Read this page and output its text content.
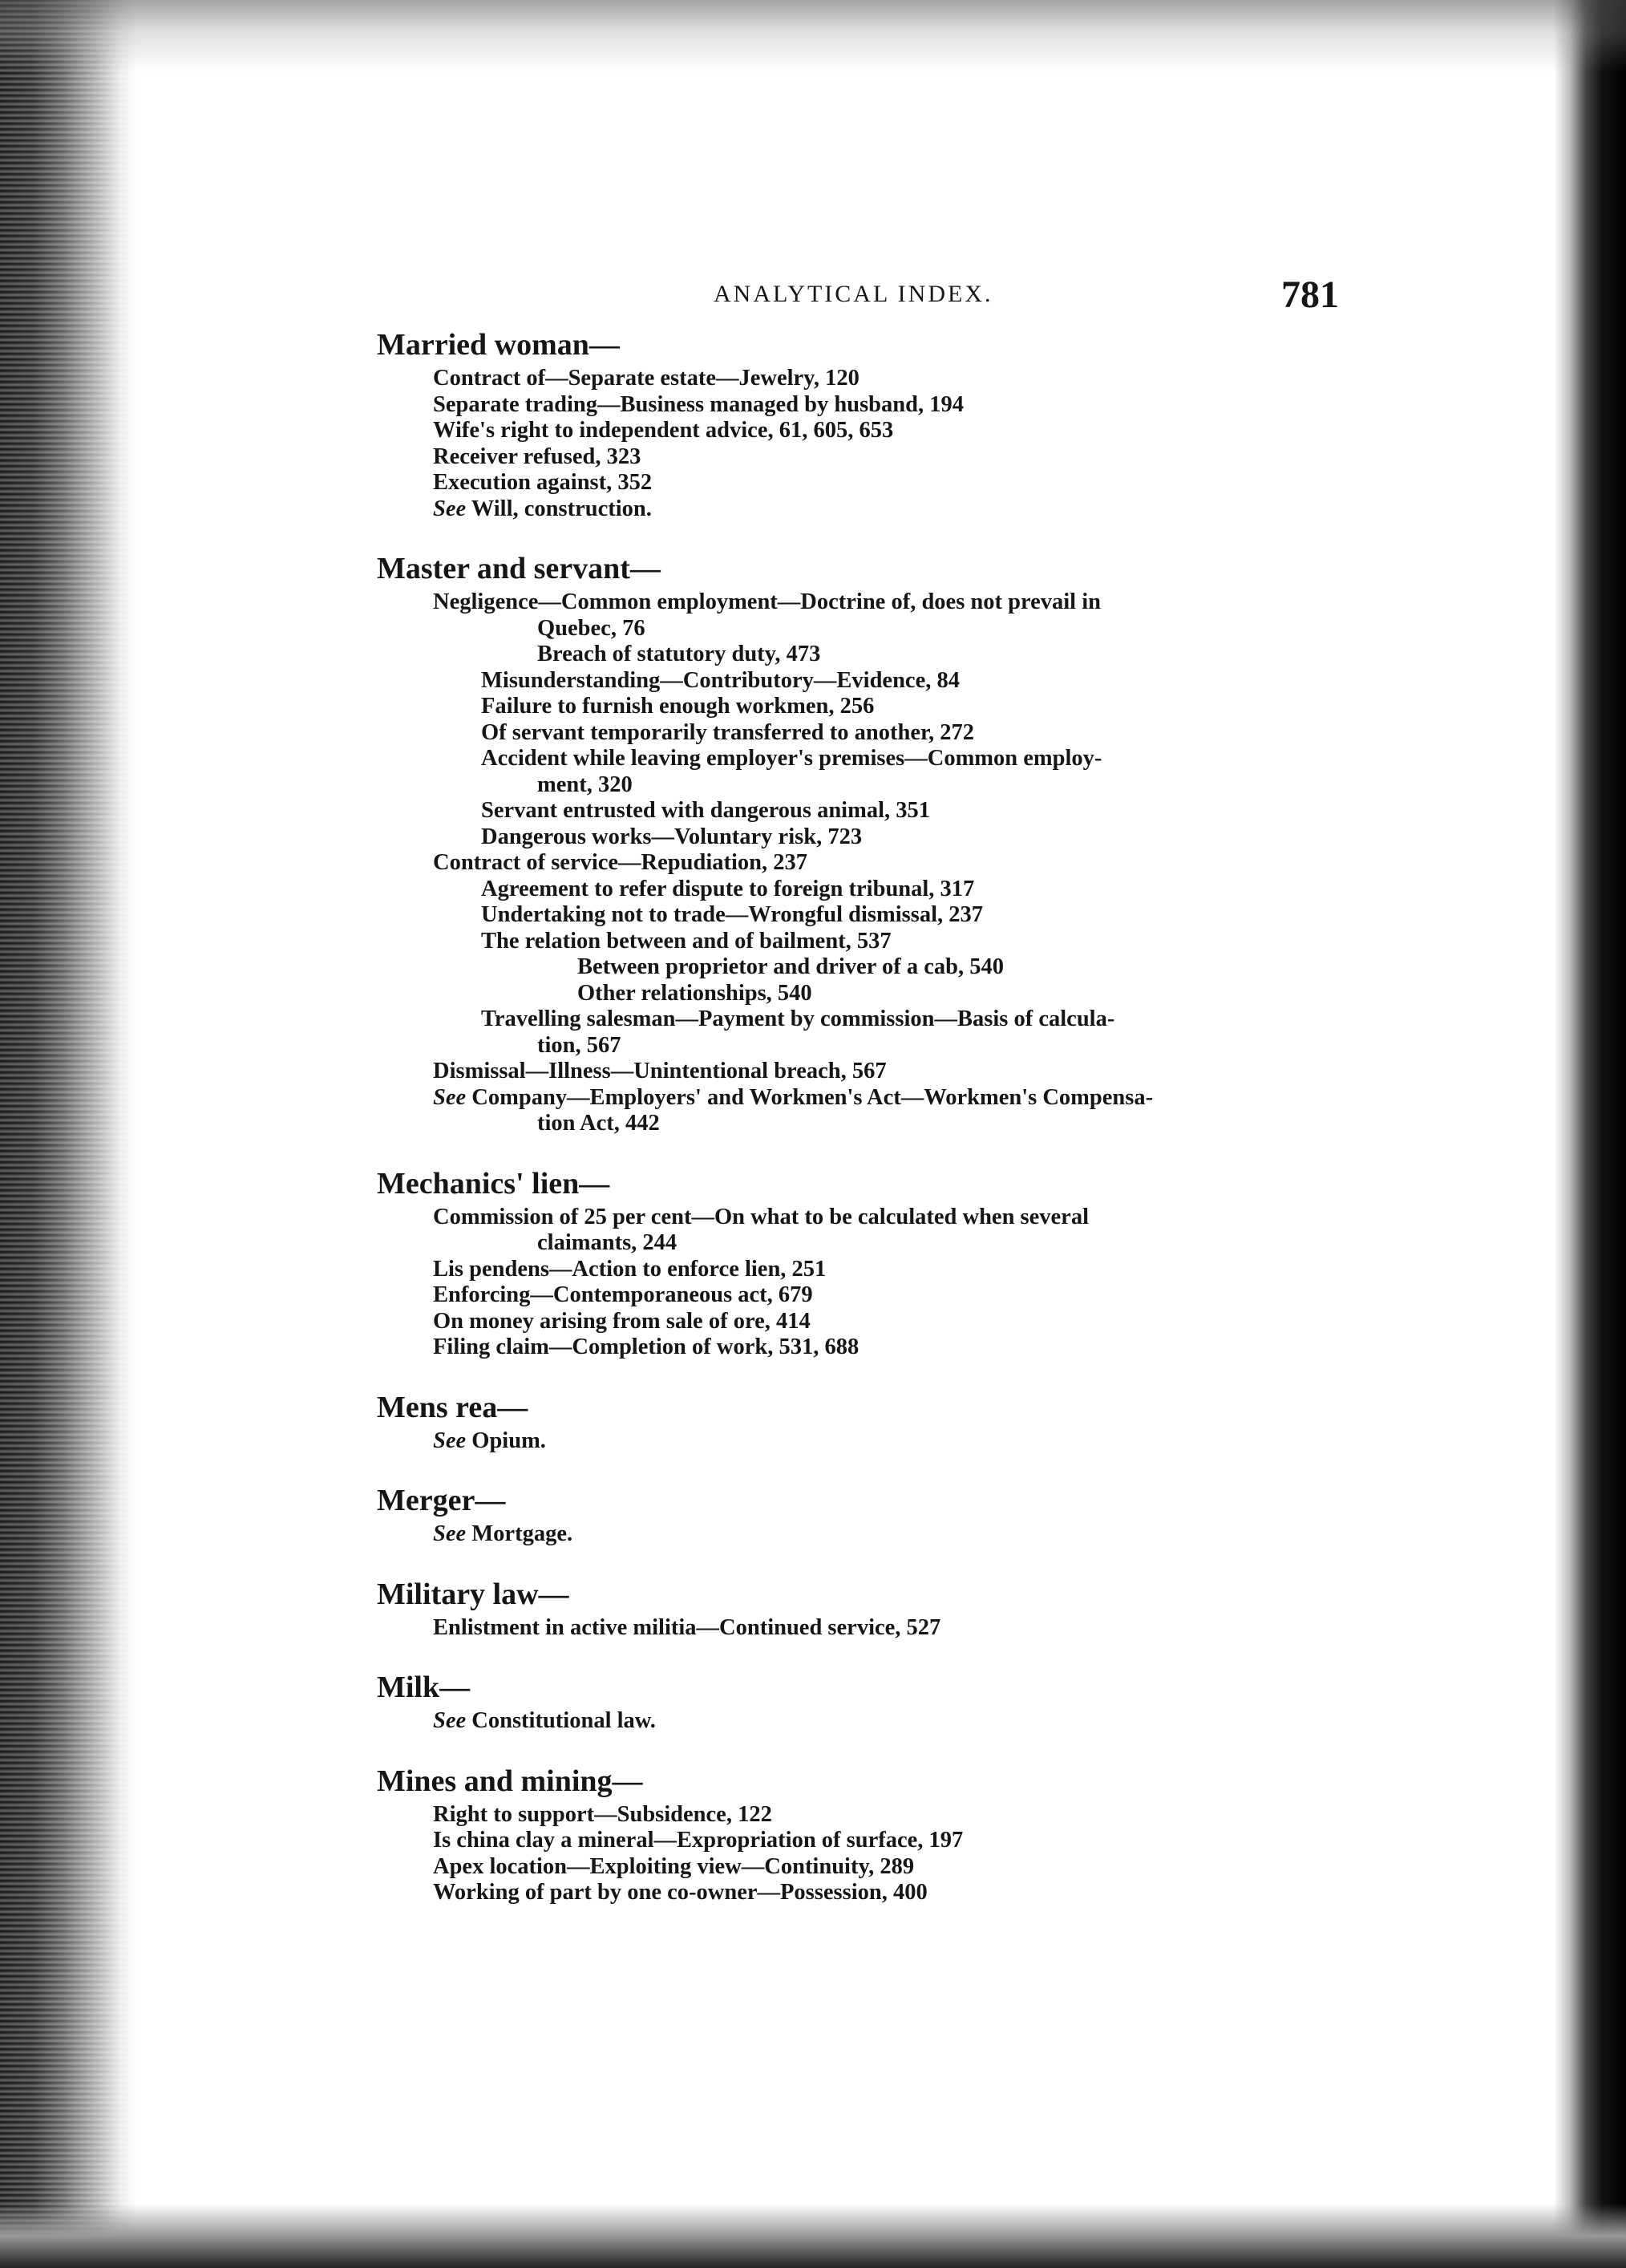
ANALYTICAL INDEX.	781
Married woman—
Contract of—Separate estate—Jewelry, 120
Separate trading—Business managed by husband, 194
Wife's right to independent advice, 61, 605, 653
Receiver refused, 323
Execution against, 352
See Will, construction.
Master and servant—
Negligence—Common employment—Doctrine of, does not prevail in
Quebec, 76
Breach of statutory duty, 473
Misunderstanding—Contributory—Evidence, 84
Failure to furnish enough workmen, 256
Of servant temporarily transferred to another, 272
Accident while leaving employer's premises—Common employ-
ment, 320
Servant entrusted with dangerous animal, 351
Dangerous works—Voluntary risk, 723
Contract of service—Repudiation, 237
Agreement to refer dispute to foreign tribunal, 317
Undertaking not to trade—Wrongful dismissal, 237
The relation between and of bailment, 537
Between proprietor and driver of a cab, 540
Other relationships, 540
Travelling salesman—Payment by commission—Basis of calcula-
tion, 567
Dismissal—Illness—Unintentional breach, 567
See Company—Employers' and Workmen's Act—Workmen's Compensa-
tion Act, 442
Mechanics' lien—
Commission of 25 per cent—On what to be calculated when several
claimants, 244
Lis pendens—Action to enforce lien, 251
Enforcing—Contemporaneous act, 679
On money arising from sale of ore, 414
Filing claim—Completion of work, 531, 688
Mens rea—
See Opium.
Merger—
See Mortgage.
Military law—
Enlistment in active militia—Continued service, 527
Milk—
See Constitutional law.
Mines and mining—
Right to support—Subsidence, 122
Is china clay a mineral—Expropriation of surface, 197
Apex location—Exploiting view—Continuity, 289
Working of part by one co-owner—Possession, 400
